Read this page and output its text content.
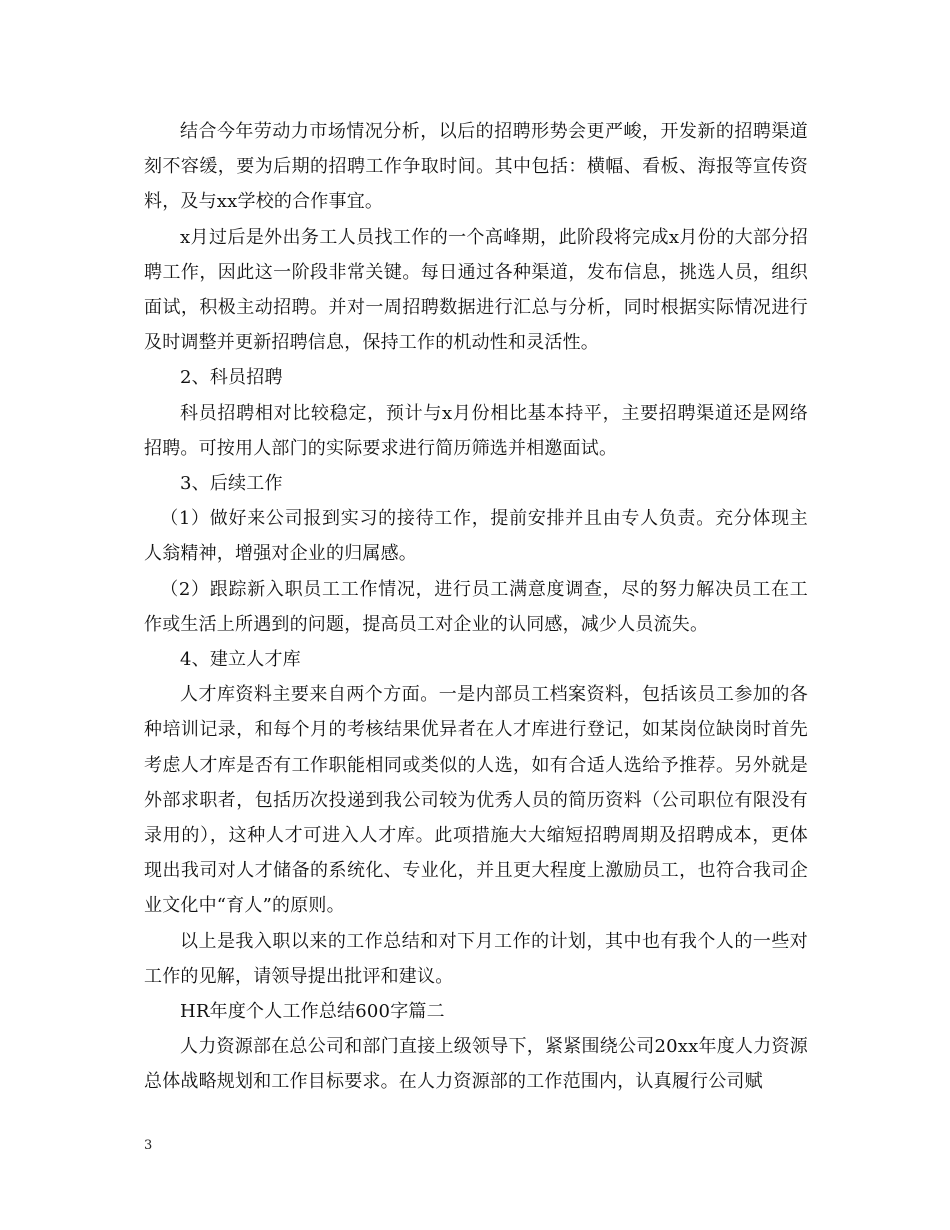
结合今年劳动力市场情况分析，以后的招聘形势会更严峻，开发新的招聘渠道刻不容缓，要为后期的招聘工作争取时间。其中包括：横幅、看板、海报等宣传资料，及与xx学校的合作事宜。

x月过后是外出务工人员找工作的一个高峰期，此阶段将完成x月份的大部分招聘工作，因此这一阶段非常关键。每日通过各种渠道，发布信息，挑选人员，组织面试，积极主动招聘。并对一周招聘数据进行汇总与分析，同时根据实际情况进行及时调整并更新招聘信息，保持工作的机动性和灵活性。

2、科员招聘

科员招聘相对比较稳定，预计与x月份相比基本持平，主要招聘渠道还是网络招聘。可按用人部门的实际要求进行简历筛选并相邀面试。

3、后续工作

（1）做好来公司报到实习的接待工作，提前安排并且由专人负责。充分体现主人翁精神，增强对企业的归属感。

（2）跟踪新入职员工工作情况，进行员工满意度调查，尽的努力解决员工在工作或生活上所遇到的问题，提高员工对企业的认同感，减少人员流失。

4、建立人才库

人才库资料主要来自两个方面。一是内部员工档案资料，包括该员工参加的各种培训记录，和每个月的考核结果优异者在人才库进行登记，如某岗位缺岗时首先考虑人才库是否有工作职能相同或类似的人选，如有合适人选给予推荐。另外就是外部求职者，包括历次投递到我公司较为优秀人员的简历资料（公司职位有限没有录用的），这种人才可进入人才库。此项措施大大缩短招聘周期及招聘成本，更体现出我司对人才储备的系统化、专业化，并且更大程度上激励员工，也符合我司企业文化中“育人”的原则。

以上是我入职以来的工作总结和对下月工作的计划，其中也有我个人的一些对工作的见解，请领导提出批评和建议。

HR年度个人工作总结600字篇二

人力资源部在总公司和部门直接上级领导下，紧紧围绕公司20xx年度人力资源总体战略规划和工作目标要求。在人力资源部的工作范围内，认真履行公司赋

3
